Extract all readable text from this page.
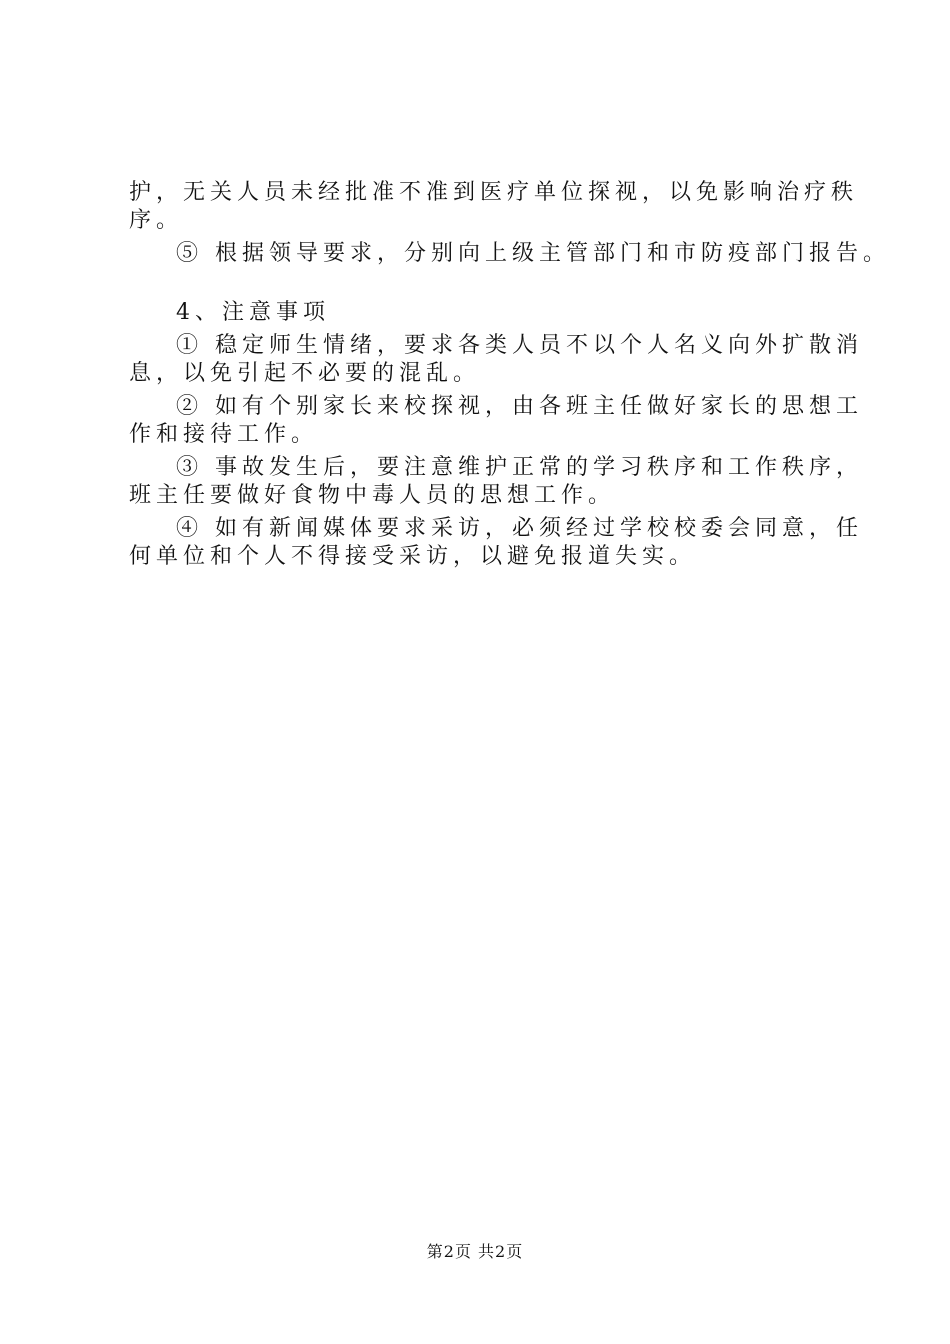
护，无关人员未经批准不准到医疗单位探视，以免影响治疗秩
序。
⑤ 根据领导要求，分别向上级主管部门和市防疫部门报告。
4、注意事项
① 稳定师生情绪，要求各类人员不以个人名义向外扩散消
息，以免引起不必要的混乱。
② 如有个别家长来校探视，由各班主任做好家长的思想工
作和接待工作。
③ 事故发生后，要注意维护正常的学习秩序和工作秩序，
班主任要做好食物中毒人员的思想工作。
④ 如有新闻媒体要求采访，必须经过学校校委会同意，任
何单位和个人不得接受采访，以避免报道失实。
第2页 共2页
